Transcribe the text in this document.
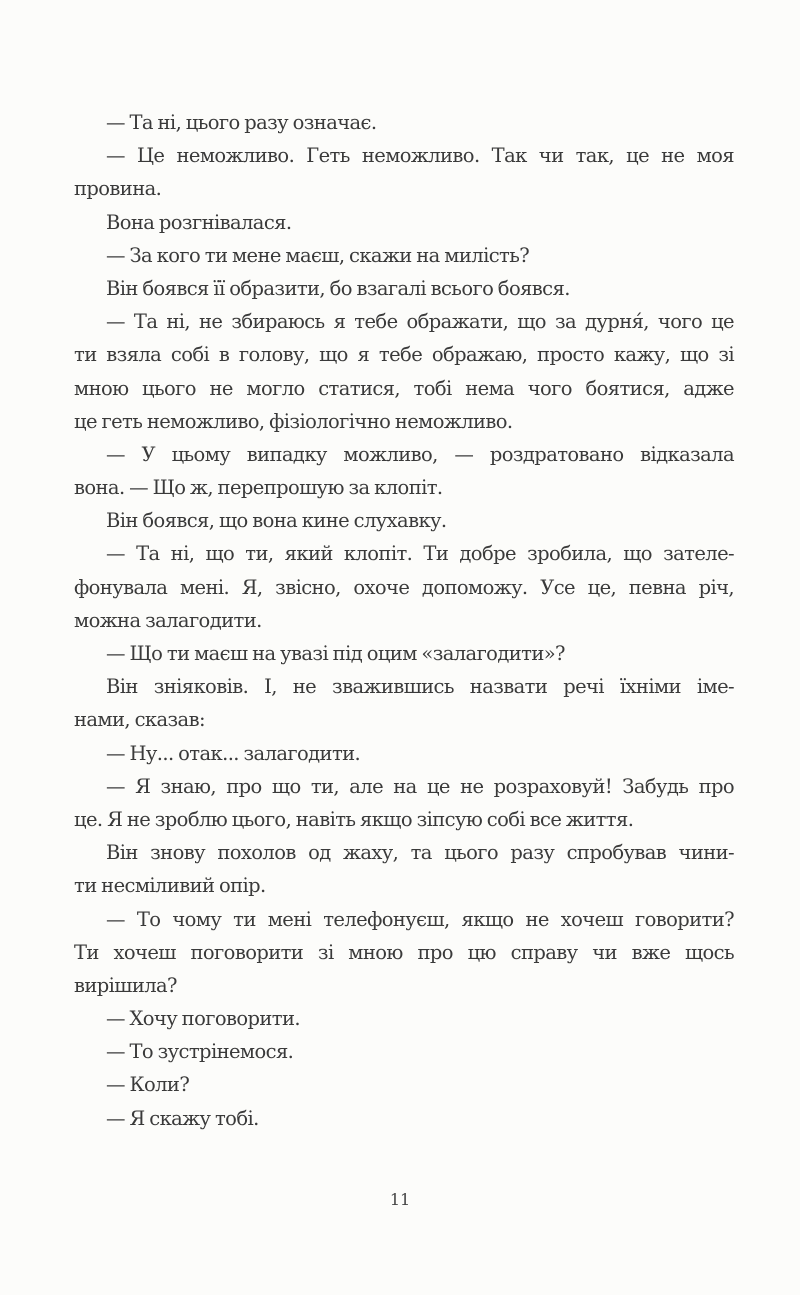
— Та ні, цього разу означає.
— Це неможливо. Геть неможливо. Так чи так, це не моя
провина.
Вона розгнівалася.
— За кого ти мене маєш, скажи на милість?
Він боявся її образити, бо взагалі всього боявся.
— Та ні, не збираюсь я тебе ображати, що за дурня́, чого це
ти взяла собі в голову, що я тебе ображаю, просто кажу, що зі
мною цього не могло статися, тобі нема чого боятися, адже
це геть неможливо, фізіологічно неможливо.
— У цьому випадку можливо, — роздратовано відказала
вона. — Що ж, перепрошую за клопіт.
Він боявся, що вона кине слухавку.
— Та ні, що ти, який клопіт. Ти добре зробила, що зателе-
фонувала мені. Я, звісно, охоче допоможу. Усе це, певна річ,
можна залагодити.
— Що ти маєш на увазі під оцим «залагодити»?
Він зніяковів. І, не зважившись назвати речі їхніми іме-
нами, сказав:
— Ну... отак... залагодити.
— Я знаю, про що ти, але на це не розраховуй! Забудь про
це. Я не зроблю цього, навіть якщо зіпсую собі все життя.
Він знову похолов од жаху, та цього разу спробував чини-
ти несміливий опір.
— То чому ти мені телефонуєш, якщо не хочеш говорити?
Ти хочеш поговорити зі мною про цю справу чи вже щось
вирішила?
— Хочу поговорити.
— То зустрінемося.
— Коли?
— Я скажу тобі.
11
